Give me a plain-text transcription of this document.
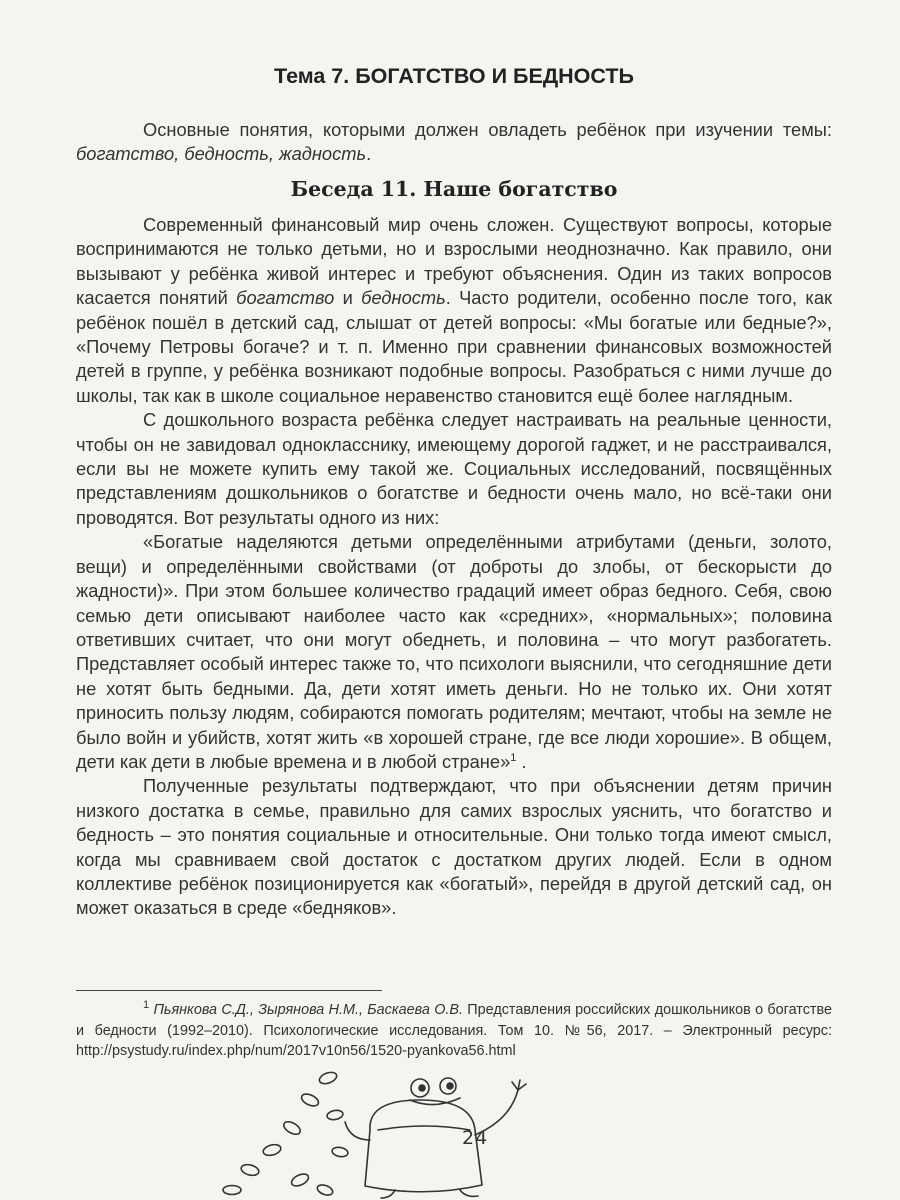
Тема 7. БОГАТСТВО И БЕДНОСТЬ

Основные понятия, которыми должен овладеть ребёнок при изучении темы: богатство, бедность, жадность.

Беседа 11. Наше богатство

Современный финансовый мир очень сложен. Существуют вопросы, которые воспринимаются не только детьми, но и взрослыми неоднозначно. Как правило, они вызывают у ребёнка живой интерес и требуют объяснения. Один из таких вопросов касается понятий богатство и бедность. Часто родители, особенно после того, как ребёнок пошёл в детский сад, слышат от детей вопросы: «Мы богатые или бедные?», «Почему Петровы богаче? и т. п. Именно при сравнении финансовых возможностей детей в группе, у ребёнка возникают подобные вопросы. Разобраться с ними лучше до школы, так как в школе социальное неравенство становится ещё более наглядным.

С дошкольного возраста ребёнка следует настраивать на реальные ценности, чтобы он не завидовал однокласснику, имеющему дорогой гаджет, и не расстраивался, если вы не можете купить ему такой же. Социальных исследований, посвящённых представлениям дошкольников о богатстве и бедности очень мало, но всё-таки они проводятся. Вот результаты одного из них:

«Богатые наделяются детьми определёнными атрибутами (деньги, золото, вещи) и определёнными свойствами (от доброты до злобы, от бескорысти до жадности)». При этом большее количество градаций имеет образ бедного. Себя, свою семью дети описывают наиболее часто как «средних», «нормальных»; половина ответивших считает, что они могут обеднеть, и половина – что могут разбогатеть. Представляет особый интерес также то, что психологи выяснили, что сегодняшние дети не хотят быть бедными. Да, дети хотят иметь деньги. Но не только их. Они хотят приносить пользу людям, собираются помогать родителям; мечтают, чтобы на земле не было войн и убийств, хотят жить «в хорошей стране, где все люди хорошие». В общем, дети как дети в любые времена и в любой стране»$^1$ .

Полученные результаты подтверждают, что при объяснении детям причин низкого достатка в семье, правильно для самих взрослых уяснить, что богатство и бедность – это понятия социальные и относительные. Они только тогда имеют смысл, когда мы сравниваем свой достаток с достатком других людей. Если в одном коллективе ребёнок позиционируется как «богатый», перейдя в другой детский сад, он может оказаться в среде «бедняков».

$^1$ Пьянкова С.Д., Зырянова Н.М., Баскаева О.В. Представления российских дошкольников о богатстве и бедности (1992–2010). Психологические исследования. Том 10. №56, 2017. – Электронный ресурс: http://psystudy.ru/index.php/num/2017v10n56/1520-pyankova56.html
24
